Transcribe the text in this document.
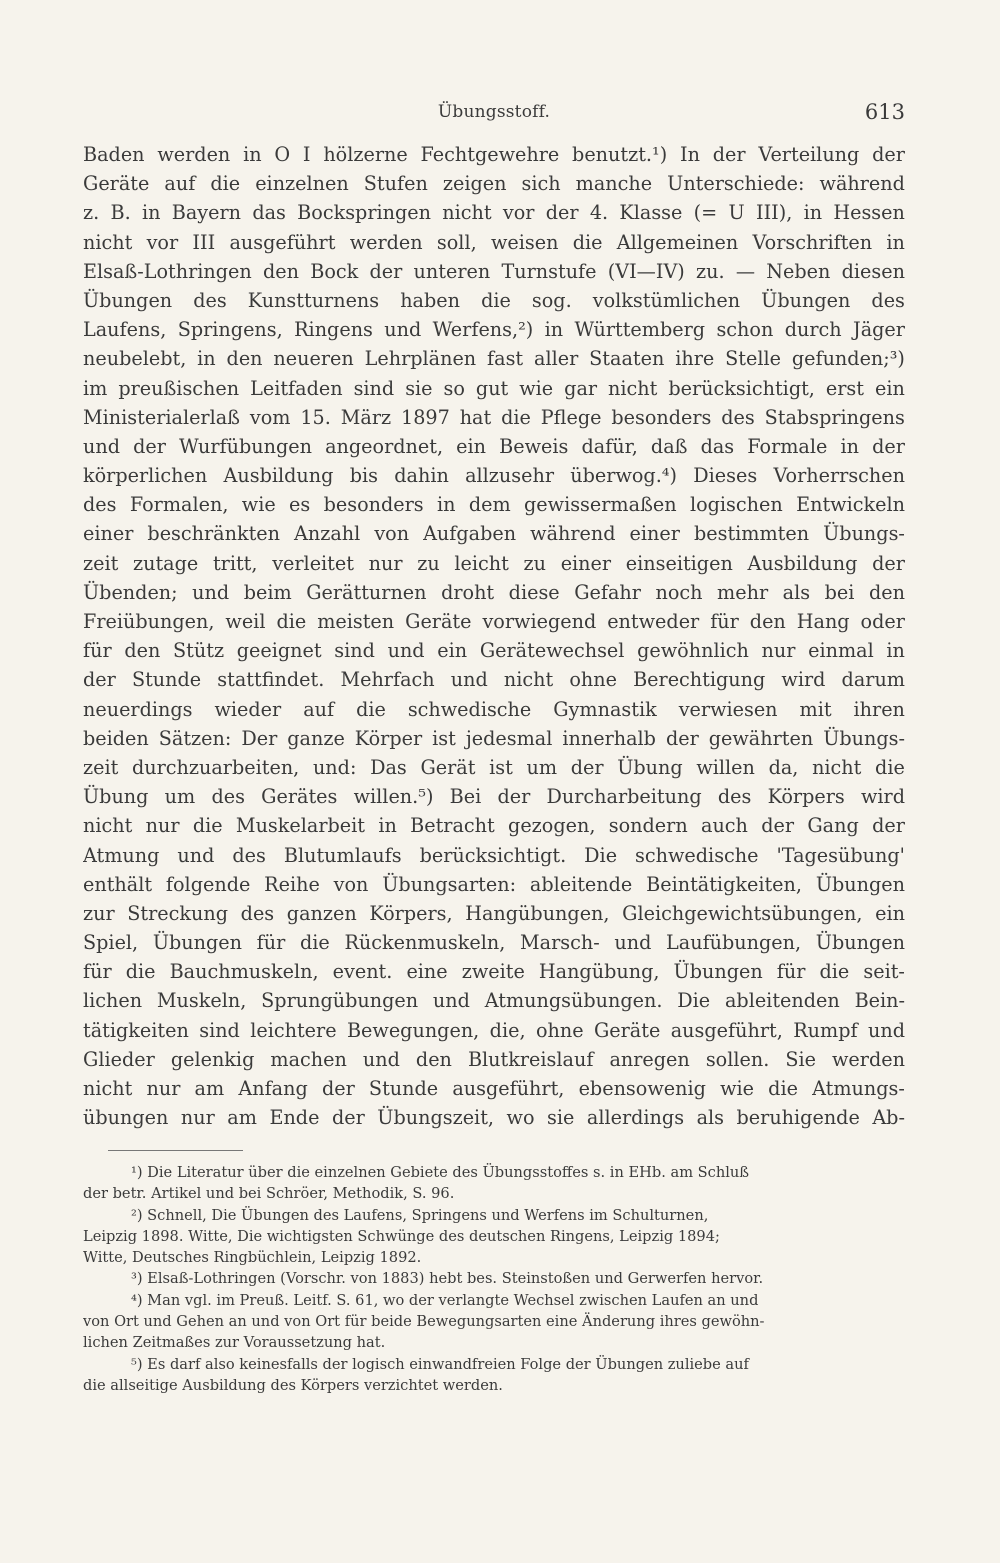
Übungsstoff.	613
Baden werden in O I hölzerne Fechtgewehre benutzt.¹) In der Verteilung der
Geräte auf die einzelnen Stufen zeigen sich manche Unterschiede: während
z. B. in Bayern das Bockspringen nicht vor der 4. Klasse (= U III), in Hessen
nicht vor III ausgeführt werden soll, weisen die Allgemeinen Vorschriften in
Elsaß-Lothringen den Bock der unteren Turnstufe (VI—IV) zu. — Neben diesen
Übungen des Kunstturnens haben die sog. volkstümlichen Übungen des
Laufens, Springens, Ringens und Werfens,²) in Württemberg schon durch Jäger
neubelebt, in den neueren Lehrplänen fast aller Staaten ihre Stelle gefunden;³)
im preußischen Leitfaden sind sie so gut wie gar nicht berücksichtigt, erst ein
Ministerialerlaß vom 15. März 1897 hat die Pflege besonders des Stabspringens
und der Wurfübungen angeordnet, ein Beweis dafür, daß das Formale in der
körperlichen Ausbildung bis dahin allzusehr überwog.⁴) Dieses Vorherrschen
des Formalen, wie es besonders in dem gewissermaßen logischen Entwickeln
einer beschränkten Anzahl von Aufgaben während einer bestimmten Übungs-
zeit zutage tritt, verleitet nur zu leicht zu einer einseitigen Ausbildung der
Übenden; und beim Gerätturnen droht diese Gefahr noch mehr als bei den
Freiübungen, weil die meisten Geräte vorwiegend entweder für den Hang oder
für den Stütz geeignet sind und ein Gerätewechsel gewöhnlich nur einmal in
der Stunde stattfindet. Mehrfach und nicht ohne Berechtigung wird darum
neuerdings wieder auf die schwedische Gymnastik verwiesen mit ihren
beiden Sätzen: Der ganze Körper ist jedesmal innerhalb der gewährten Übungs-
zeit durchzuarbeiten, und: Das Gerät ist um der Übung willen da, nicht die
Übung um des Gerätes willen.⁵) Bei der Durcharbeitung des Körpers wird
nicht nur die Muskelarbeit in Betracht gezogen, sondern auch der Gang der
Atmung und des Blutumlaufs berücksichtigt. Die schwedische 'Tagesübung'
enthält folgende Reihe von Übungsarten: ableitende Beintätigkeiten, Übungen
zur Streckung des ganzen Körpers, Hangübungen, Gleichgewichtsübungen, ein
Spiel, Übungen für die Rückenmuskeln, Marsch- und Laufübungen, Übungen
für die Bauchmuskeln, event. eine zweite Hangübung, Übungen für die seit-
lichen Muskeln, Sprungübungen und Atmungsübungen. Die ableitenden Bein-
tätigkeiten sind leichtere Bewegungen, die, ohne Geräte ausgeführt, Rumpf und
Glieder gelenkig machen und den Blutkreislauf anregen sollen. Sie werden
nicht nur am Anfang der Stunde ausgeführt, ebensowenig wie die Atmungs-
übungen nur am Ende der Übungszeit, wo sie allerdings als beruhigende Ab-
¹) Die Literatur über die einzelnen Gebiete des Übungsstoffes s. in EHb. am Schluß
der betr. Artikel und bei Schröer, Methodik, S. 96.
²) Schnell, Die Übungen des Laufens, Springens und Werfens im Schulturnen,
Leipzig 1898. Witte, Die wichtigsten Schwünge des deutschen Ringens, Leipzig 1894;
Witte, Deutsches Ringbüchlein, Leipzig 1892.
³) Elsaß-Lothringen (Vorschr. von 1883) hebt bes. Steinstoßen und Gerwerfen hervor.
⁴) Man vgl. im Preuß. Leitf. S. 61, wo der verlangte Wechsel zwischen Laufen an und
von Ort und Gehen an und von Ort für beide Bewegungsarten eine Änderung ihres gewöhn-
lichen Zeitmaßes zur Voraussetzung hat.
⁵) Es darf also keinesfalls der logisch einwandfreien Folge der Übungen zuliebe auf
die allseitige Ausbildung des Körpers verzichtet werden.
